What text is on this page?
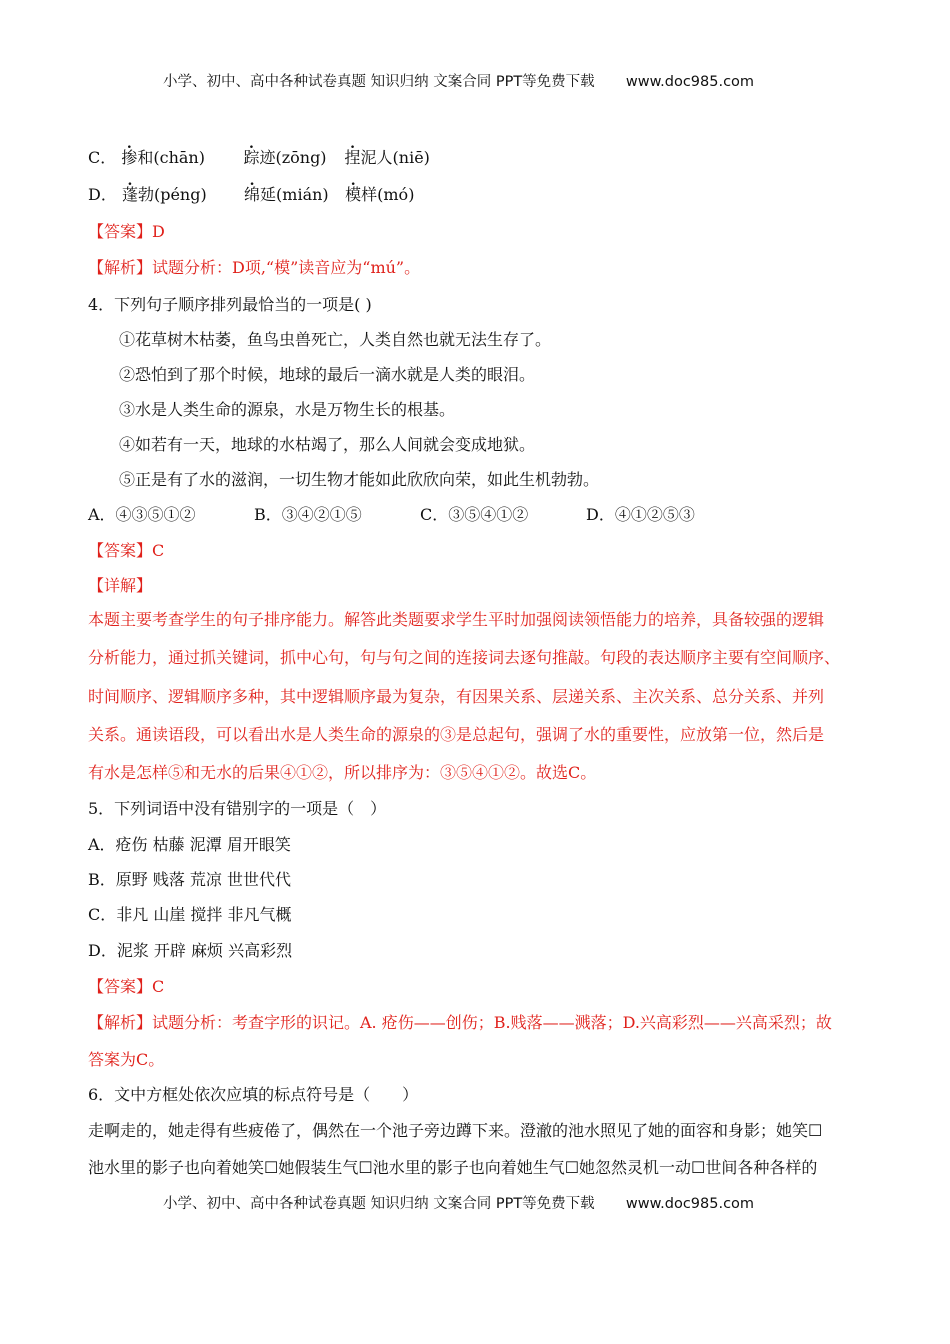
小学、初中、高中各种试卷真题 知识归纳 文案合同 PPT等免费下载 www.doc985.com
C． 掺和(chān) 踪迹(zōng) 捏泥人(niē)
D． 蓬勃(péng) 绵延(mián) 模样(mó)
【答案】D
【解析】试题分析：D项,“模”读音应为“mú”。
4．下列句子顺序排列最恰当的一项是( )
①花草树木枯萎，鱼鸟虫兽死亡，人类自然也就无法生存了。
②恐怕到了那个时候，地球的最后一滴水就是人类的眼泪。
③水是人类生命的源泉，水是万物生长的根基。
④如若有一天，地球的水枯竭了，那么人间就会变成地狱。
⑤正是有了水的滋润，一切生物才能如此欣欣向荣，如此生机勃勃。
A．④③⑤①②	B．③④②①⑤	C．③⑤④①②	D．④①②⑤③
【答案】C
【详解】
本题主要考查学生的句子排序能力。解答此类题要求学生平时加强阅读领悟能力的培养，具备较强的逻辑
分析能力，通过抓关键词，抓中心句，句与句之间的连接词去逐句推敲。句段的表达顺序主要有空间顺序、
时间顺序、逻辑顺序多种，其中逻辑顺序最为复杂，有因果关系、层递关系、主次关系、总分关系、并列
关系。通读语段，可以看出水是人类生命的源泉的③是总起句，强调了水的重要性，应放第一位，然后是
有水是怎样⑤和无水的后果④①②，所以排序为：③⑤④①②。故选C。
5．下列词语中没有错别字的一项是（　）
A．疮伤 枯藤 泥潭 眉开眼笑
B．原野 贱落 荒凉 世世代代
C．非凡 山崖 搅拌 非凡气概
D．泥浆 开辟 麻烦 兴高彩烈
【答案】C
【解析】试题分析：考查字形的识记。A. 疮伤——创伤；B.贱落——溅落；D.兴高彩烈——兴高采烈；故
答案为C。
6．文中方框处依次应填的标点符号是（　　）
走啊走的，她走得有些疲倦了，偶然在一个池子旁边蹲下来。澄澈的池水照见了她的面容和身影；她笑☐
池水里的影子也向着她笑☐她假装生气☐池水里的影子也向着她生气☐她忽然灵机一动☐世间各种各样的
小学、初中、高中各种试卷真题 知识归纳 文案合同 PPT等免费下载 www.doc985.com
